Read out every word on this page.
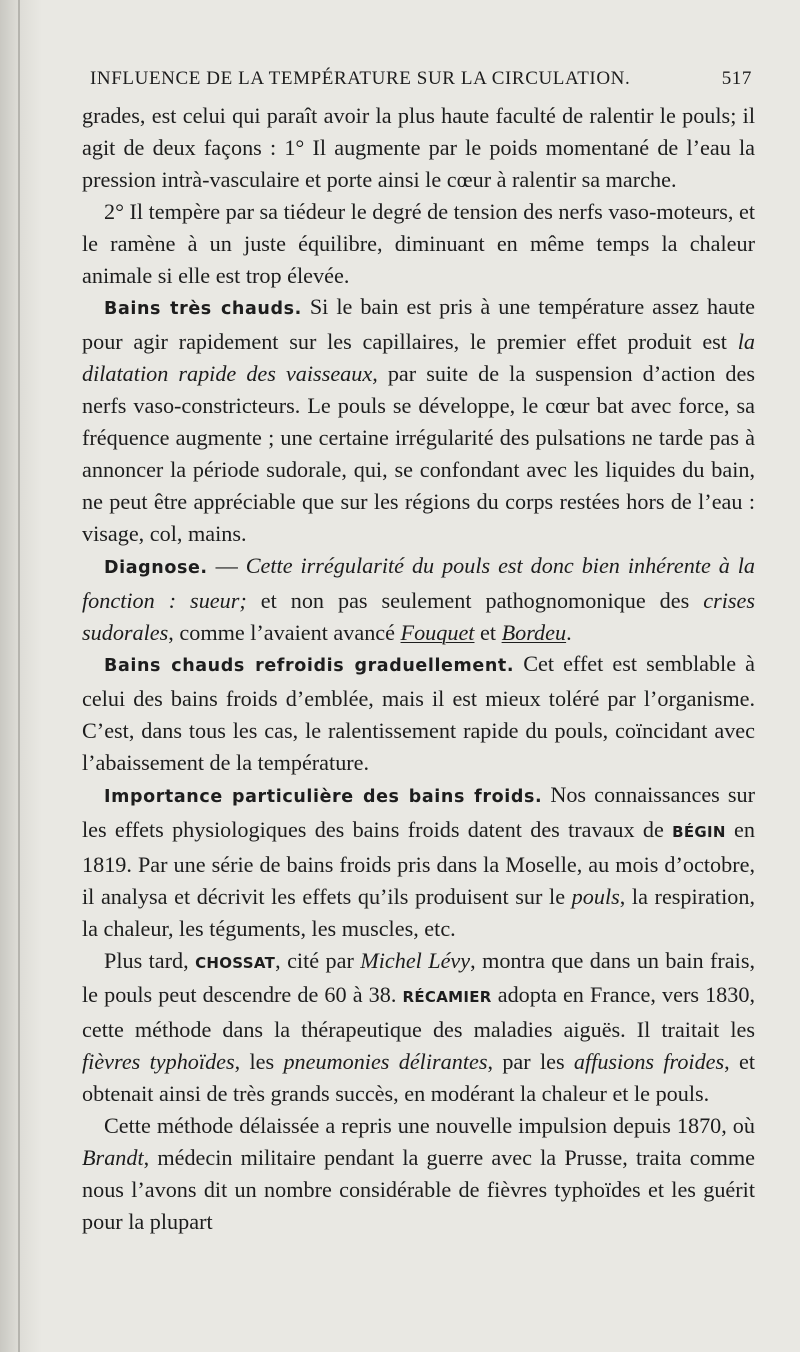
INFLUENCE DE LA TEMPÉRATURE SUR LA CIRCULATION.	517

grades, est celui qui paraît avoir la plus haute faculté de ralentir le pouls; il agit de deux façons : 1° Il augmente par le poids momentané de l’eau la pression intrà-vasculaire et porte ainsi le cœur à ralentir sa marche.

2° Il tempère par sa tiédeur le degré de tension des nerfs vaso-moteurs, et le ramène à un juste équilibre, diminuant en même temps la chaleur animale si elle est trop élevée.

Bains très chauds. Si le bain est pris à une température assez haute pour agir rapidement sur les capillaires, le premier effet produit est la dilatation rapide des vaisseaux, par suite de la suspension d’action des nerfs vaso-constricteurs. Le pouls se développe, le cœur bat avec force, sa fréquence augmente ; une certaine irrégularité des pulsations ne tarde pas à annoncer la période sudorale, qui, se confondant avec les liquides du bain, ne peut être appréciable que sur les régions du corps restées hors de l’eau : visage, col, mains.

Diagnose. — Cette irrégularité du pouls est donc bien inhérente à la fonction : sueur; et non pas seulement pathognomonique des crises sudorales, comme l’avaient avancé Fouquet et Bordeu.

Bains chauds refroidis graduellement. Cet effet est semblable à celui des bains froids d’emblée, mais il est mieux toléré par l’organisme. C’est, dans tous les cas, le ralentissement rapide du pouls, coïncidant avec l’abaissement de la température.

Importance particulière des bains froids. Nos connaissances sur les effets physiologiques des bains froids datent des travaux de BÉGIN en 1819. Par une série de bains froids pris dans la Moselle, au mois d’octobre, il analysa et décrivit les effets qu’ils produisent sur le pouls, la respiration, la chaleur, les téguments, les muscles, etc.

Plus tard, CHOSSAT, cité par Michel Lévy, montra que dans un bain frais, le pouls peut descendre de 60 à 38. RÉCAMIER adopta en France, vers 1830, cette méthode dans la thérapeutique des maladies aiguës. Il traitait les fièvres typhoïdes, les pneumonies délirantes, par les affusions froides, et obtenait ainsi de très grands succès, en modérant la chaleur et le pouls.

Cette méthode délaissée a repris une nouvelle impulsion depuis 1870, où Brandt, médecin militaire pendant la guerre avec la Prusse, traita comme nous l’avons dit un nombre considérable de fièvres typhoïdes et les guérit pour la plupart
